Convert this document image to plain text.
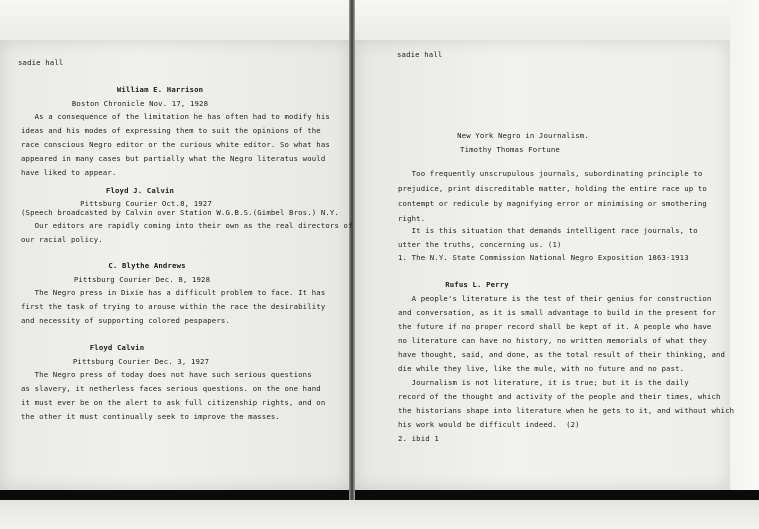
sadie hall
William E. Harrison
Boston Chronicle Nov. 17, 1928
As a consequence of the limitation he has often had to modify his
ideas and his modes of expressing them to suit the opinions of the
race conscious Negro editor or the curious white editor. So what has
appeared in many cases but partially what the Negro literatus would
have liked to appear.
Floyd J. Calvin
Pittsburg Courier Oct.8, 1927
(Speech broadcasted by Calvin over Station W.G.B.S.(Gimbel Bros.) N.Y.
Our editors are rapidly coming into their own as the real directors of
our racial policy.
C. Blythe Andrews
Pittsburg Courier Dec. 8, 1928
The Negro press in Dixie has a difficult problem to face. It has
first the task of trying to arouse within the race the desirability
and necessity of supporting colored pespapers.
Floyd Calvin
Pittsburg Courier Dec. 3, 1927
The Negro press of today does not have such serious questions
as slavery, it netherless faces serious questions. on the one hand
it must ever be on the alert to ask full citizenship rights, and on
the other it must continually seek to improve the masses.
sadie hall
New York Negro in Journalism.
Timothy Thomas Fortune
Too frequently unscrupulous journals, subordinating principle to
prejudice, print discreditable matter, holding the entire race up to
contempt or redicule by magnifying error or minimising or smothering
right.
It is this situation that demands intelligent race journals, to
utter the truths, concerning us. (1)
1. The N.Y. State Commission National Negro Exposition 1863-1913
Rufus L. Perry
A people's literature is the test of their genius for construction
and conversation, as it is small advantage to build in the present for
the future if no proper record shall be kept of it. A people who have
no literature can have no history, no written memorials of what they
have thought, said, and done, as the total result of their thinking, and
die while they live, like the mule, with no future and no past.
Journalism is not literature, it is true; but it is the daily
record of the thought and activity of the people and their times, which
the historians shape into literature when he gets to it, and without which
his work would be difficult indeed.  (2)
2. ibid 1
